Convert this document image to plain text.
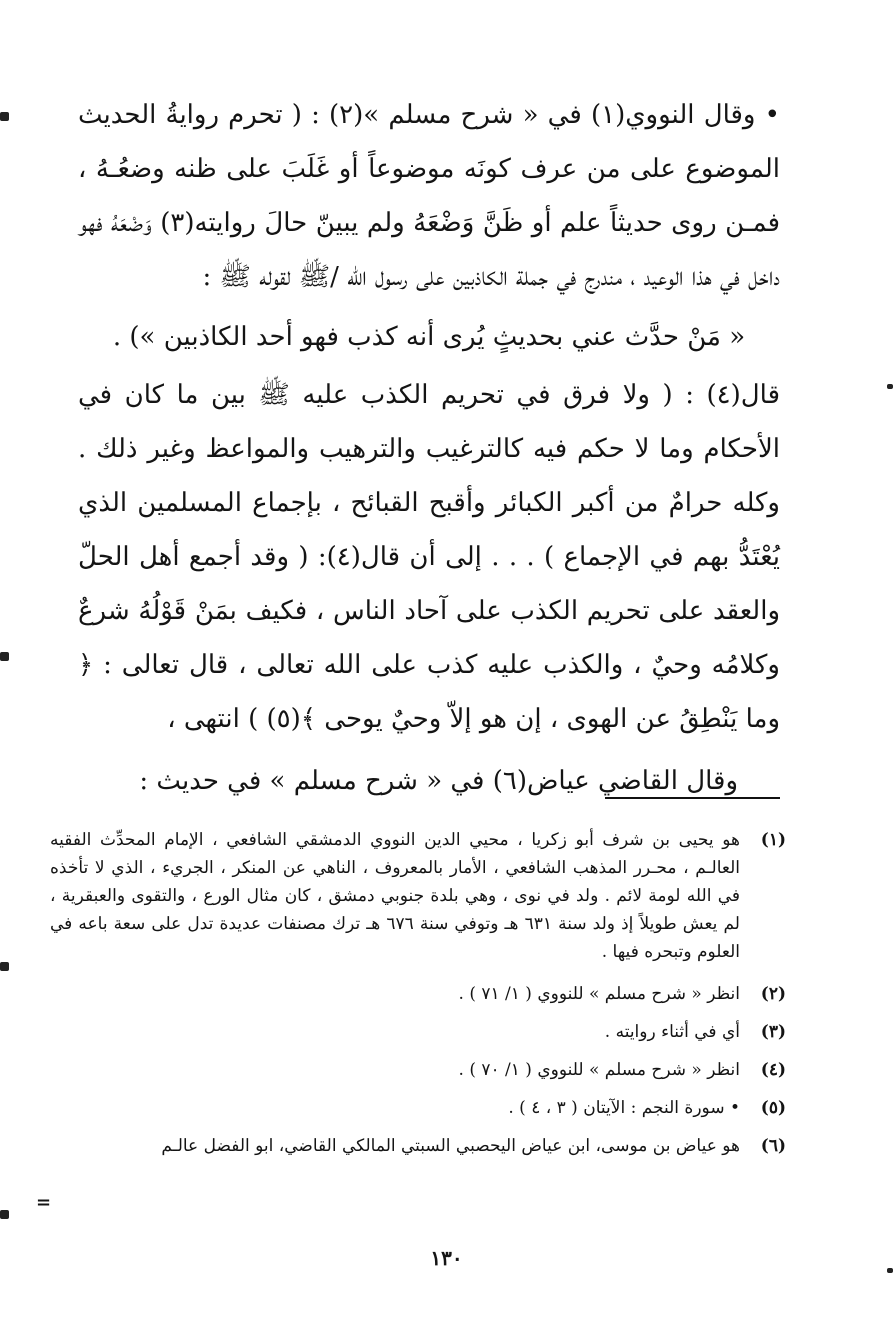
• وقال النووي(١) في « شرح مسلم »(٢) : ( تحرم روايةُ الحديث الموضوع على من عرف كونَه موضوعاً أو غَلَبَ على ظنه وضعُـهُ ، فمـن روى حديثاً علم أو ظَنَّ وَضْعَهُ ولم يبينّ حالَ روايته(٣) وَضْعَهُ فهو داخل في هذا الوعيد ، مندرج في جملة الكاذبين على رسول الله /ﷺ لقوله ﷺ :

« مَنْ حدَّث عني بحديثٍ يُرى أنه كذب فهو أحد الكاذبين ») .

قال(٤) : ( ولا فرق في تحريم الكذب عليه ﷺ بين ما كان في الأحكام وما لا حكم فيه كالترغيب والترهيب والمواعظ وغير ذلك . وكله حرامٌ من أكبر الكبائر وأقبح القبائح ، بإجماع المسلمين الذي يُعْتَدُّ بهم في الإجماع ) . . . إلى أن قال(٤): ( وقد أجمع أهل الحلّ والعقد على تحريم الكذب على آحاد الناس ، فكيف بمَنْ قَوْلُهُ شرعٌ وكلامُه وحيٌ ، والكذب عليه كذب على الله تعالى ، قال تعالى : ﴿ وما يَنْطِقُ عن الهوى ، إن هو إلاّ وحيٌ يوحى ﴾(٥) ) انتهى ،

وقال القاضي عياض(٦) في « شرح مسلم » في حديث :

(١)
هو يحيى بن شرف أبو زكريا ، محيي الدين النووي الدمشقي الشافعي ، الإمام المحدِّث الفقيه العالـم ، محـرر المذهب الشافعي ، الأمار بالمعروف ، الناهي عن المنكر ، الجريء ، الذي لا تأخذه في الله لومة لائم . ولد في نوى ، وهي بلدة جنوبي دمشق ، كان مثال الورع ، والتقوى والعبقرية ، لم يعش طويلاً إذ ولد سنة ٦٣١ هـ وتوفي سنة ٦٧٦ هـ ترك مصنفات عديدة تدل على سعة باعه في العلوم وتبحره فيها .
(٢)
انظر « شرح مسلم » للنووي ( ١/ ٧١ ) .
(٣)
أي في أثناء روايته .
(٤)
انظر « شرح مسلم » للنووي ( ١/ ٧٠ ) .
(٥)
• سورة النجم : الآيتان ( ٣ ، ٤ ) .
(٦)
هو عياض بن موسى، ابن عياض اليحصبي السبتي المالكي القاضي، ابو الفضل عالـم
=
١٣٠
